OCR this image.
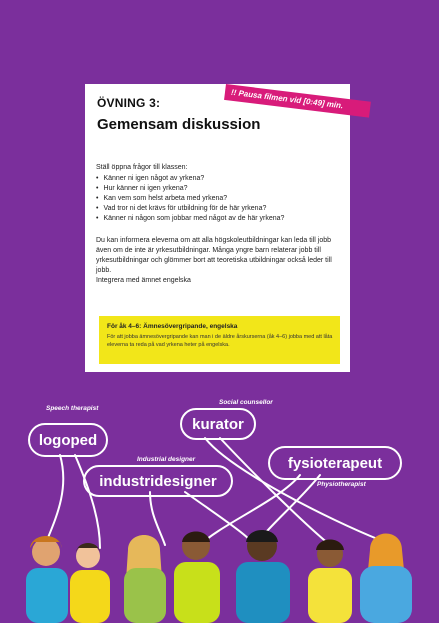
!! Pausa filmen vid [0:49] min.
ÖVNING 3:
Gemensam diskussion
Ställ öppna frågor till klassen:
• Känner ni igen något av yrkena?
• Hur känner ni igen yrkena?
• Kan vem som helst arbeta med yrkena?
• Vad tror ni det krävs för utbildning för de här yrkena?
• Känner ni någon som jobbar med något av de här yrkena?
Du kan informera eleverna om att alla högskoleutbildningar kan leda till jobb även om de inte är yrkesutbildningar. Många yngre barn relaterar jobb till yrkesutbildningar och glömmer bort att teoretiska utbildningar också leder till jobb.
Integrera med ämnet engelska
För åk 4–6: Ämnesövergripande, engelska
För att jobba ämnesövergripande kan man i de äldre årskurserna (åk 4–6) jobba med att låta eleverna ta reda på vad yrkena heter på engelska.
logoped
Speech therapist
kurator
Social counsellor
industridesigner
Industrial designer	fysioterapeut
Physiotherapist
